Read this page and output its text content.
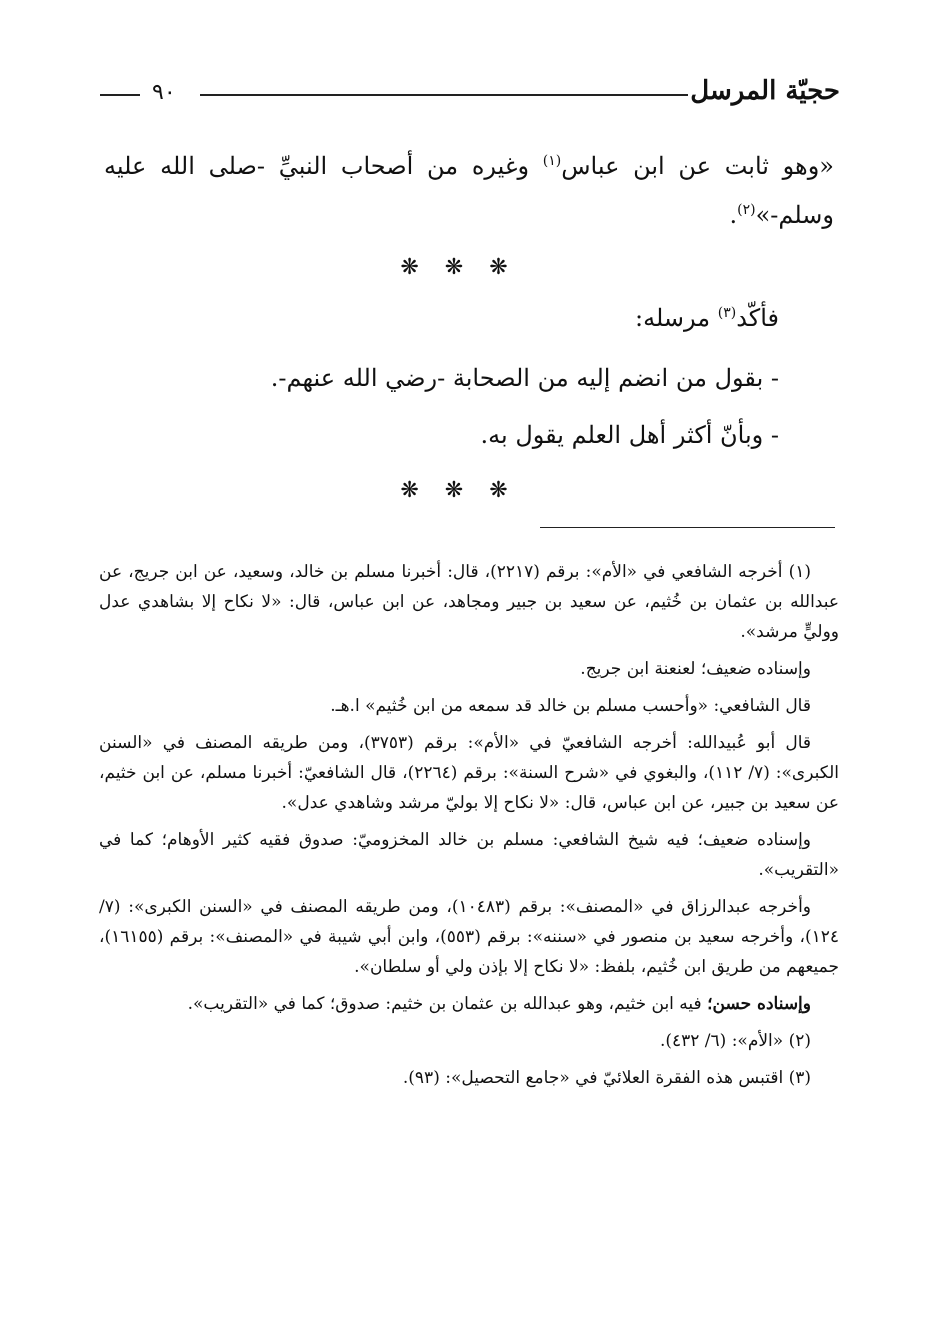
٩٠	حجيّة المرسل
«وهو ثابت عن ابن عباس$^{(١)}$ وغيره من أصحاب النبيِّ -صلى الله عليه وسلم-»$^{(٢)}$.
❋❋❋
فأكّد$^{(٣)}$ مرسله:
- بقول من انضم إليه من الصحابة -رضي الله عنهم-.
- وبأنّ أكثر أهل العلم يقول به.
❋❋❋

(١) أخرجه الشافعي في «الأم»: برقم (٢٢١٧)، قال: أخبرنا مسلم بن خالد، وسعيد، عن ابن جريج، عن عبدالله بن عثمان بن خُثيم، عن سعيد بن جبير ومجاهد، عن ابن عباس، قال: «لا نكاح إلا بشاهدي عدل ووليٍّ مرشد».

وإسناده ضعيف؛ لعنعنة ابن جريج.

قال الشافعي: «وأحسب مسلم بن خالد قد سمعه من ابن خُثيم» ا.هـ.

قال أبو عُبيدالله: أخرجه الشافعيّ في «الأم»: برقم (٣٧٥٣)، ومن طريقه المصنف في «السنن الكبرى»: (٧/ ١١٢)، والبغوي في «شرح السنة»: برقم (٢٢٦٤)، قال الشافعيّ: أخبرنا مسلم، عن ابن خثيم، عن سعيد بن جبير، عن ابن عباس، قال: «لا نكاح إلا بوليّ مرشد وشاهدي عدل».

وإسناده ضعيف؛ فيه شيخ الشافعي: مسلم بن خالد المخزوميّ: صدوق فقيه كثير الأوهام؛ كما في «التقريب».

وأخرجه عبدالرزاق في «المصنف»: برقم (١٠٤٨٣)، ومن طريقه المصنف في «السنن الكبرى»: (٧/ ١٢٤)، وأخرجه سعيد بن منصور في «سننه»: برقم (٥٥٣)، وابن أبي شيبة في «المصنف»: برقم (١٦١٥٥)، جميعهم من طريق ابن خُثيم، بلفظ: «لا نكاح إلا بإذن ولي أو سلطان».

وإسناده حسن؛ فيه ابن خثيم، وهو عبدالله بن عثمان بن خثيم: صدوق؛ كما في «التقريب».

(٢) «الأم»: (٦/ ٤٣٢).

(٣) اقتبس هذه الفقرة العلائيّ في «جامع التحصيل»: (٩٣).
